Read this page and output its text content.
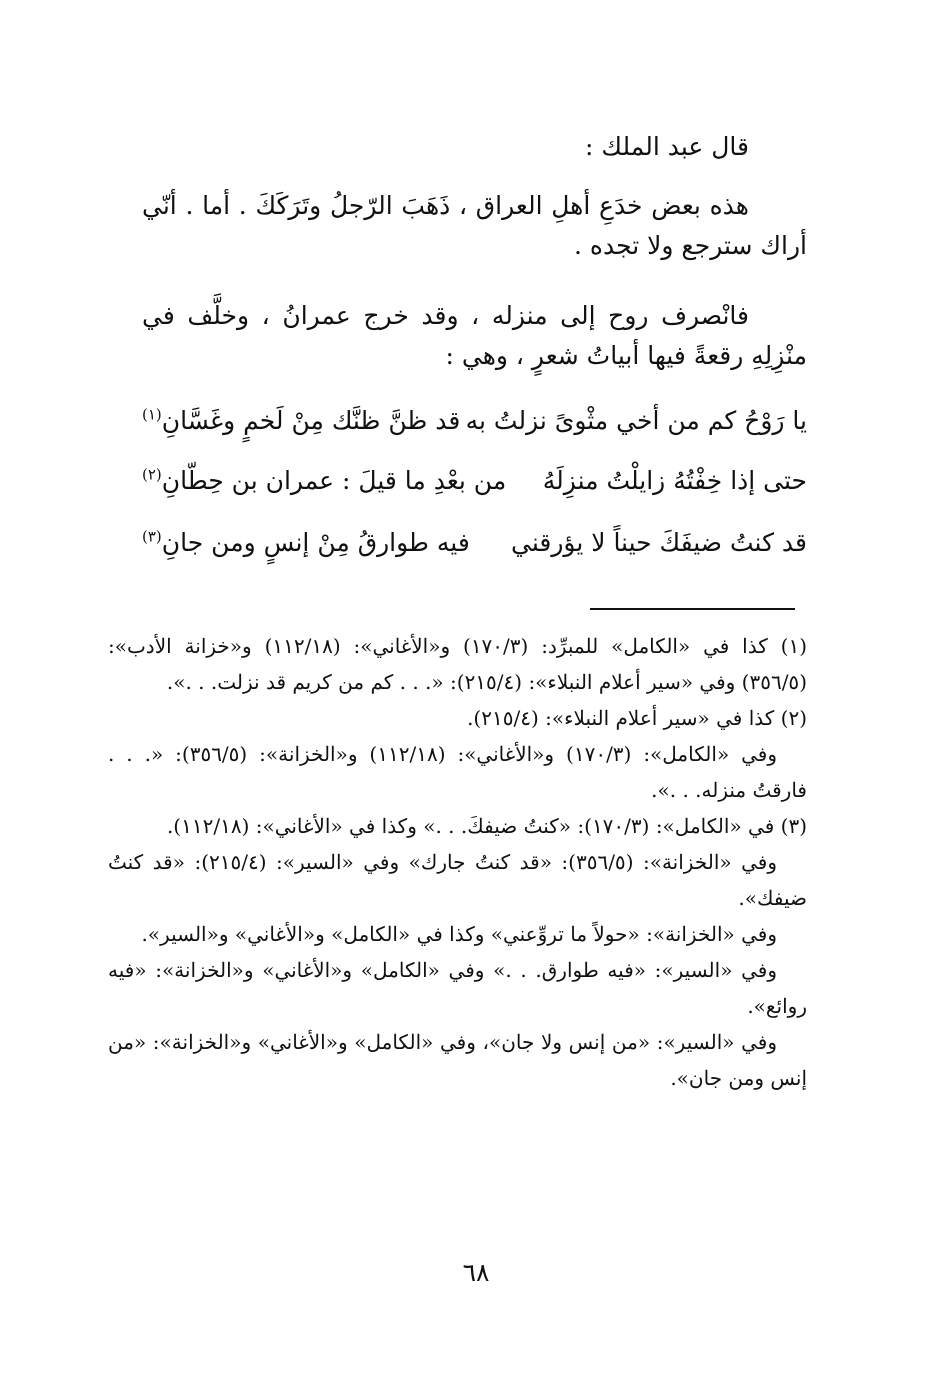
قال عبد الملك :

هذه بعض خدَعِ أهلِ العراق ، ذَهَبَ الرّجلُ وتَرَكَكَ . أما . أنّي أراك سترجع ولا تجده .

فانْصرف روح إلى منزله ، وقد خرج عمرانُ ، وخلَّف في منْزِلِهِ رقعةً فيها أبياتُ شعرٍ ، وهي :

يا رَوْحُ كم من أخي مثْوىً نزلتُ به
قد ظنَّ ظنَّك مِنْ لَخمٍ وغَسَّانِ$^{(١)}$
حتى إذا خِفْتُهُ زايلْتُ منزِلَهُ
من بعْدِ ما قيلَ : عمران بن حِطّانِ$^{(٢)}$
قد كنتُ ضيفَكَ حيناً لا يؤرقني
فيه طوارقُ مِنْ إنسٍ ومن جانِ$^{(٣)}$

(١) كذا في «الكامل» للمبرِّد: (١٧٠/٣) و«الأغاني»: (١١٢/١٨) و«خزانة الأدب»: (٣٥٦/٥) وفي «سير أعلام النبلاء»: (٢١٥/٤): «. . . كم من كريم قد نزلت. . .».

(٢) كذا في «سير أعلام النبلاء»: (٢١٥/٤).

وفي «الكامل»: (١٧٠/٣) و«الأغاني»: (١١٢/١٨) و«الخزانة»: (٣٥٦/٥): «. . . فارقتُ منزله. . .».

(٣) في «الكامل»: (١٧٠/٣): «كنتُ ضيفكَ. . .» وكذا في «الأغاني»: (١١٢/١٨).

وفي «الخزانة»: (٣٥٦/٥): «قد كنتُ جارك» وفي «السير»: (٢١٥/٤): «قد كنتُ ضيفك».

وفي «الخزانة»: «حولاً ما تروِّعني» وكذا في «الكامل» و«الأغاني» و«السير».

وفي «السير»: «فيه طوارق. . .» وفي «الكامل» و«الأغاني» و«الخزانة»: «فيه روائع».

وفي «السير»: «من إنس ولا جان»، وفي «الكامل» و«الأغاني» و«الخزانة»: «من إنس ومن جان».

٦٨
